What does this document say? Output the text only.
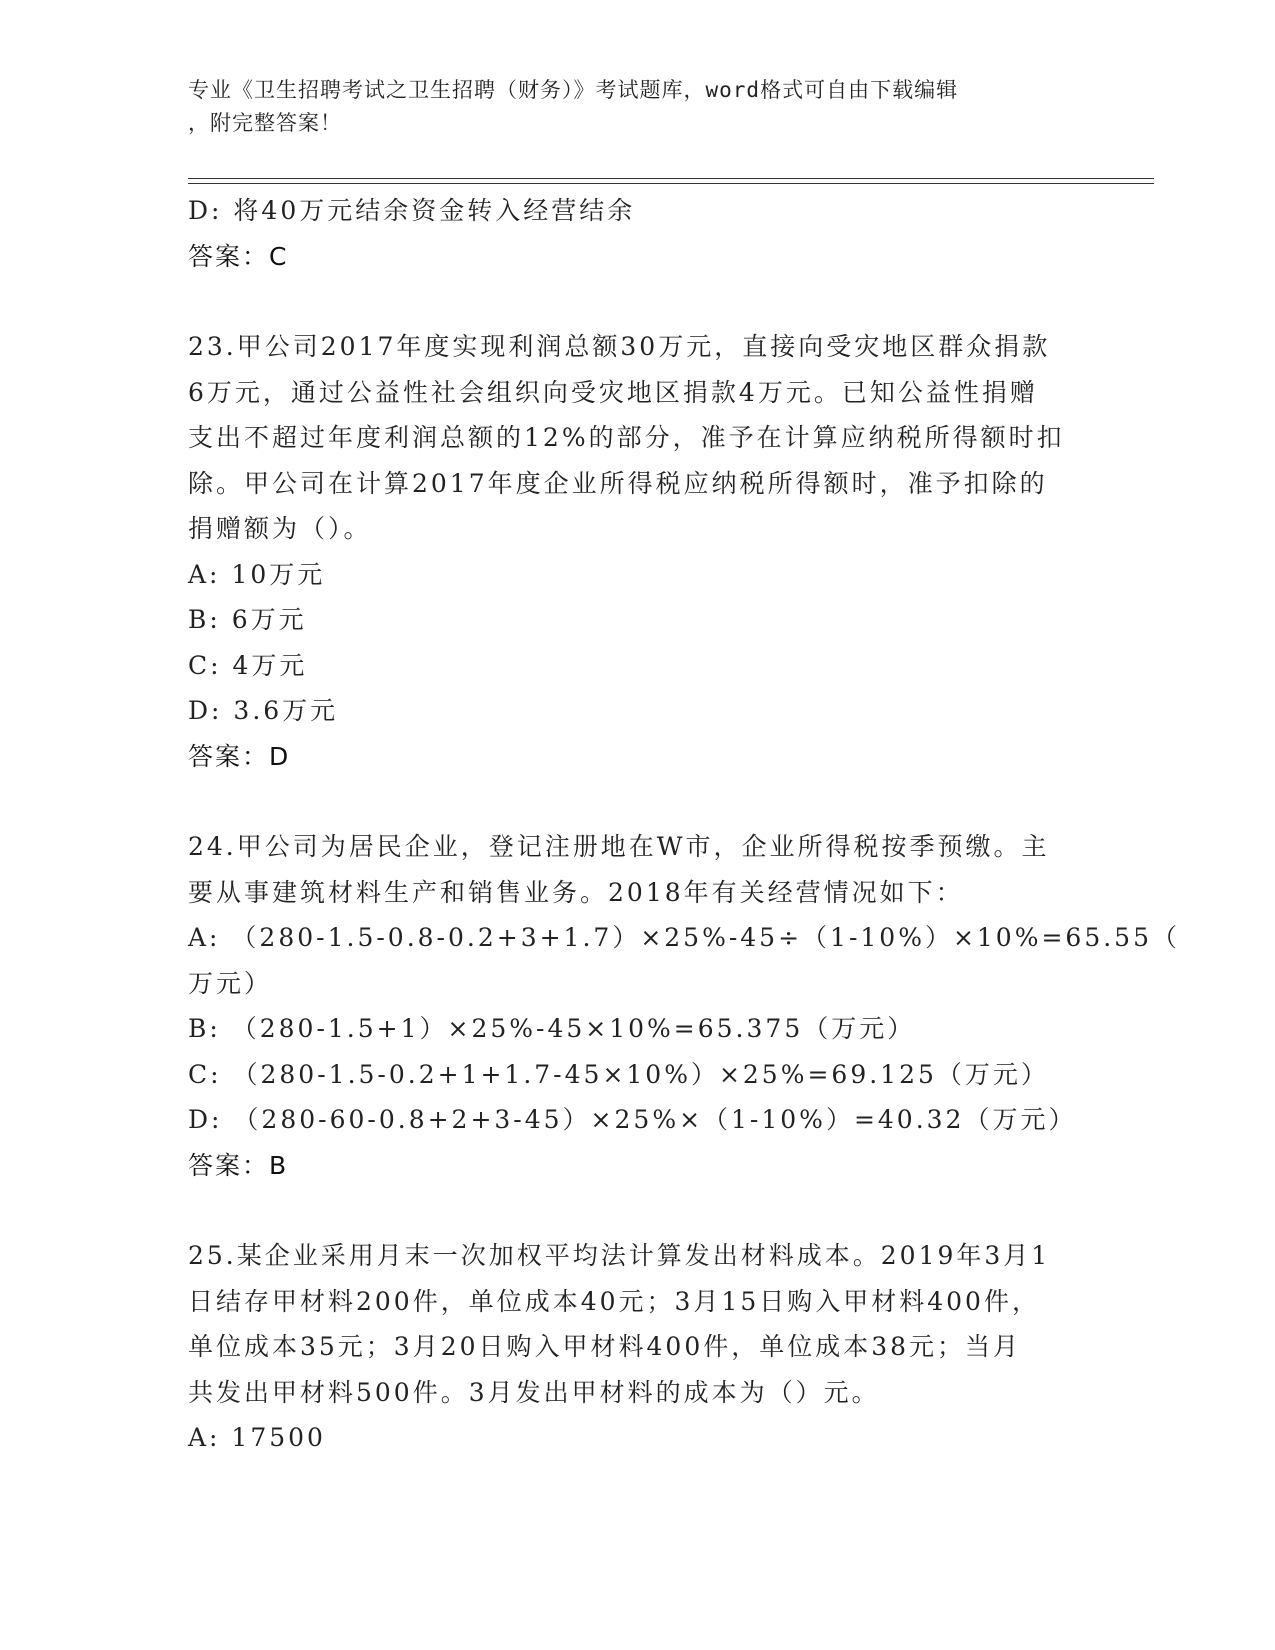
专业《卫生招聘考试之卫生招聘（财务）》考试题库，word格式可自由下载编辑
，附完整答案！
D: 将40万元结余资金转入经营结余
答案：C
23.甲公司2017年度实现利润总额30万元，直接向受灾地区群众捐款
6万元，通过公益性社会组织向受灾地区捐款4万元。已知公益性捐赠
支出不超过年度利润总额的12%的部分，准予在计算应纳税所得额时扣
除。甲公司在计算2017年度企业所得税应纳税所得额时，准予扣除的
捐赠额为（）。
A: 10万元
B: 6万元
C: 4万元
D: 3.6万元
答案：D
24.甲公司为居民企业，登记注册地在W市，企业所得税按季预缴。主
要从事建筑材料生产和销售业务。2018年有关经营情况如下：
A: （280-1.5-0.8-0.2+3+1.7）×25%-45÷（1-10%）×10%=65.55（
万元）
B: （280-1.5+1）×25%-45×10%=65.375（万元）
C: （280-1.5-0.2+1+1.7-45×10%）×25%=69.125（万元）
D: （280-60-0.8+2+3-45）×25%×（1-10%）=40.32（万元）
答案：B
25.某企业采用月末一次加权平均法计算发出材料成本。2019年3月1
日结存甲材料200件，单位成本40元；3月15日购入甲材料400件，
单位成本35元；3月20日购入甲材料400件，单位成本38元；当月
共发出甲材料500件。3月发出甲材料的成本为（）元。
A: 17500
